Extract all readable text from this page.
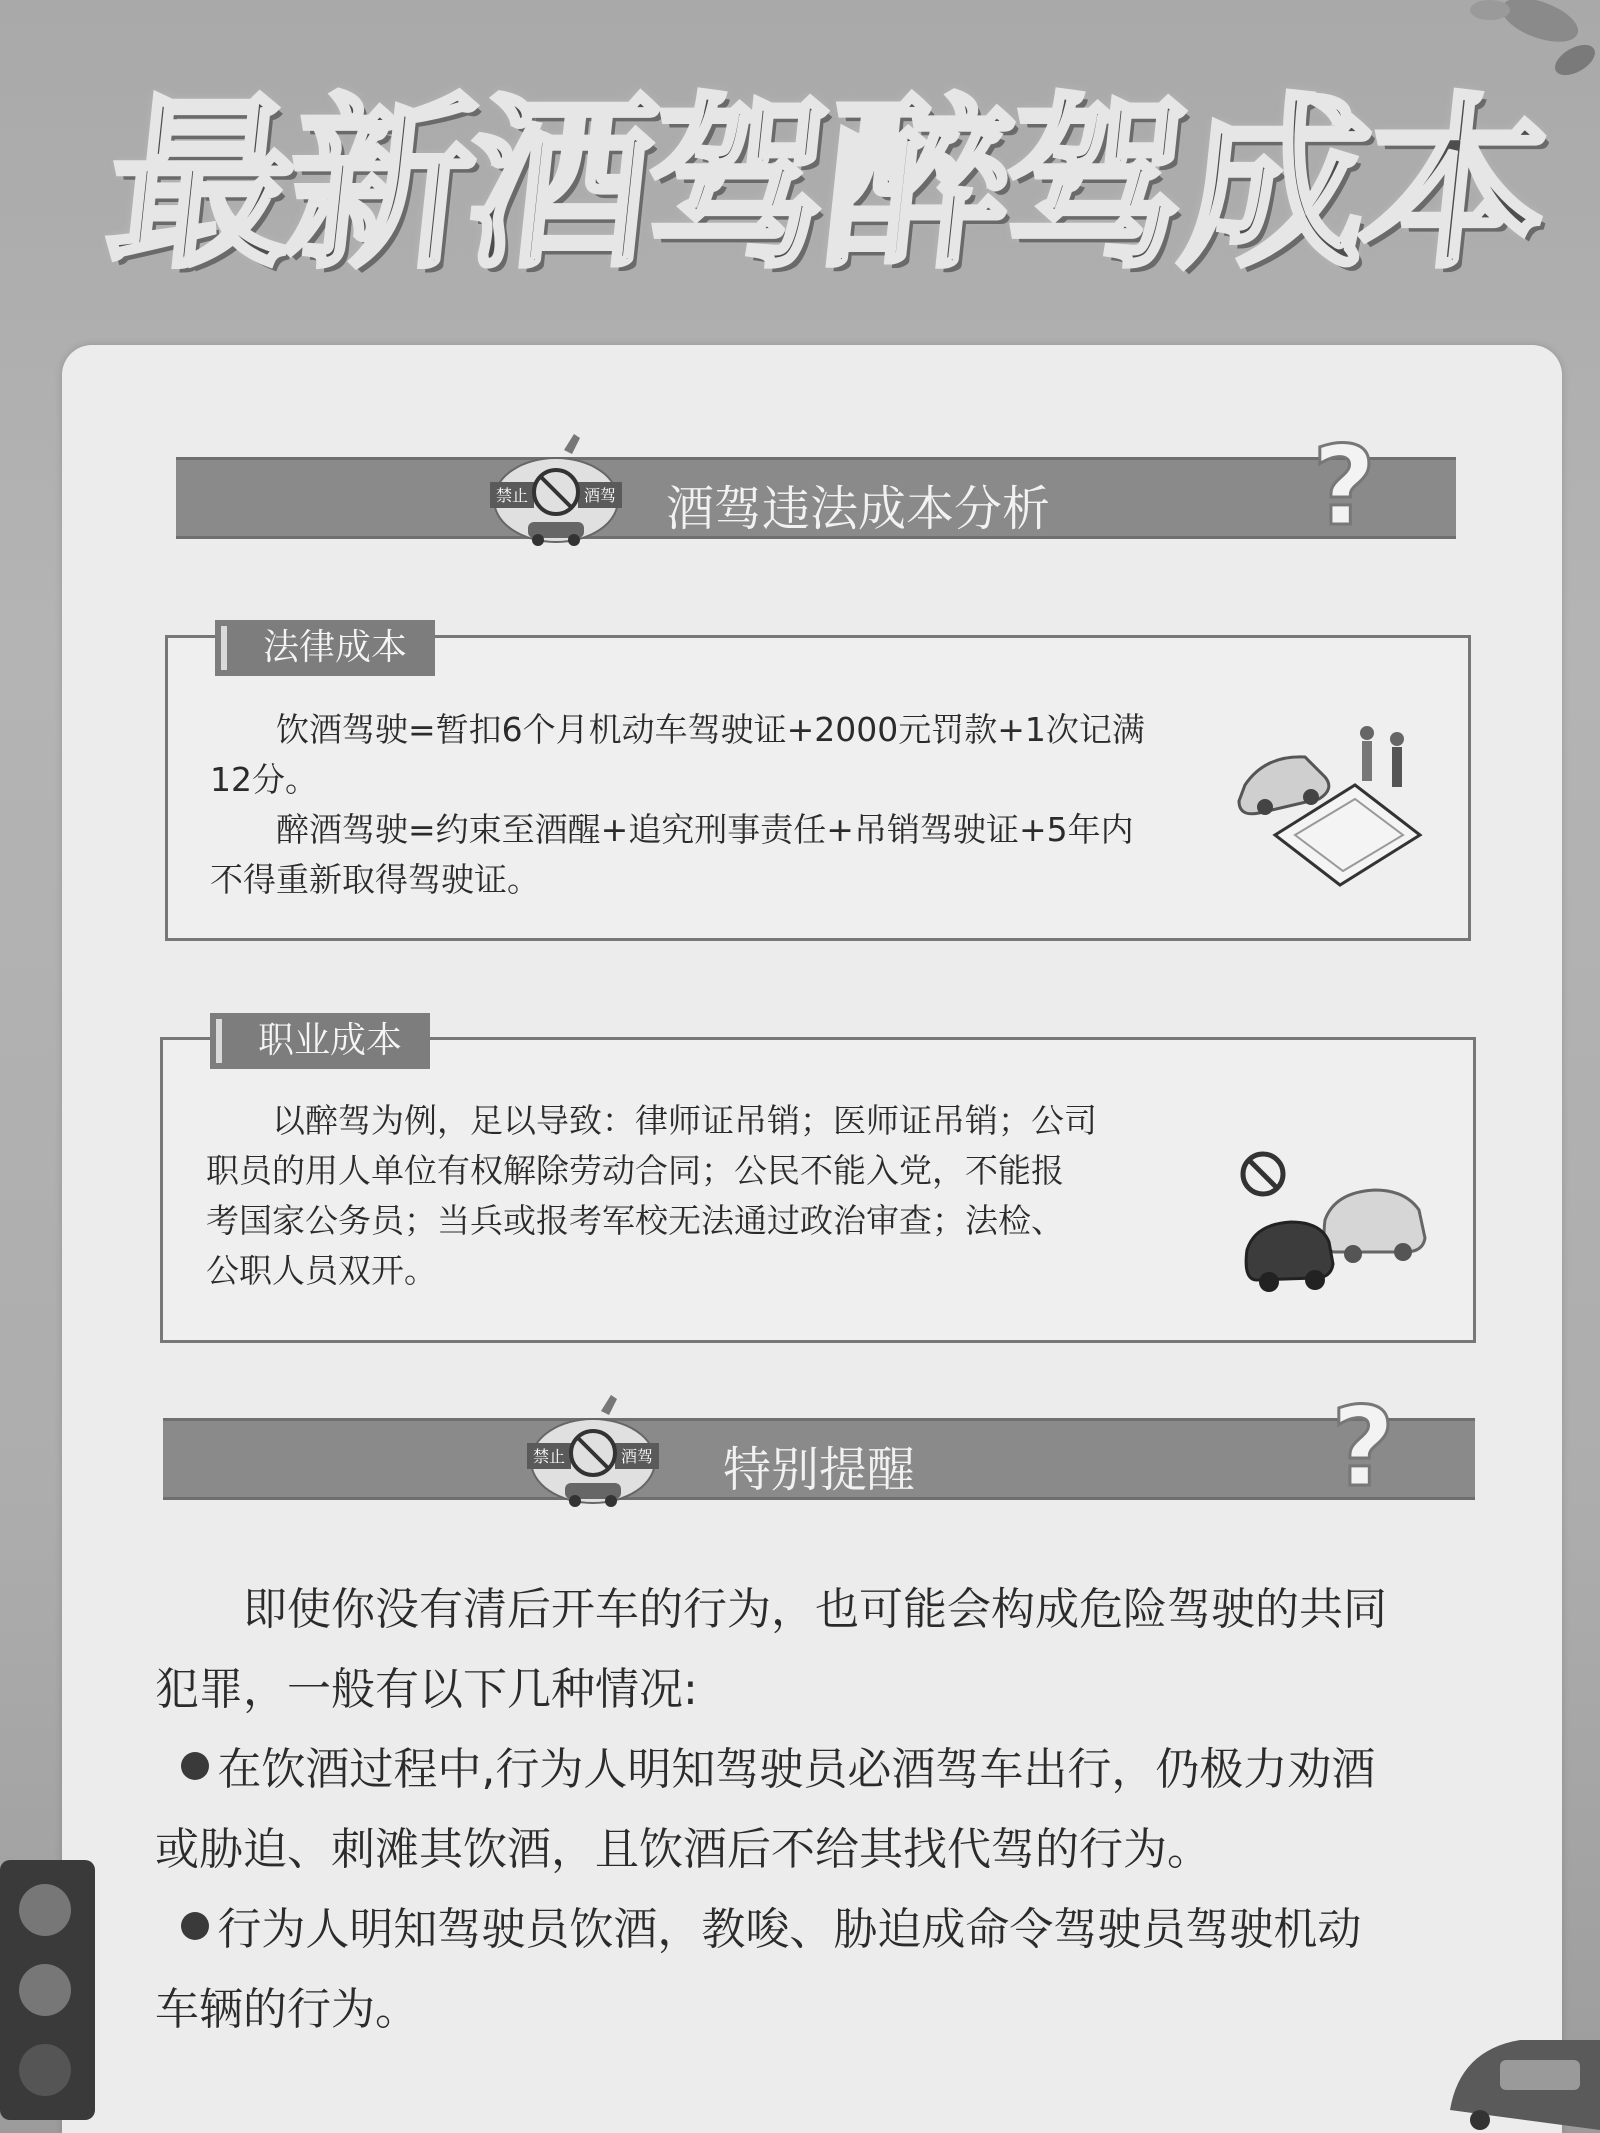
最新酒驾醉驾成本
禁止	酒驾 酒驾违法成本分析 ?
法律成本

饮酒驾驶=暂扣6个月机动车驾驶证+2000元罚款+1次记满

12分。

醉酒驾驶=约束至酒醒+追究刑事责任+吊销驾驶证+5年内

不得重新取得驾驶证。

职业成本

以醉驾为例，足以导致：律师证吊销；医师证吊销；公司

职员的用人单位有权解除劳动合同；公民不能入党，不能报

考国家公务员；当兵或报考军校无法通过政治审查；法检、

公职人员双开。

禁止	酒驾 特别提醒	?

即使你没有清后开车的行为，也可能会构成危险驾驶的共同

犯罪，一般有以下几种情况:

在饮酒过程中,行为人明知驾驶员必酒驾车出行，仍极力劝酒

或胁迫、刺滩其饮酒，且饮酒后不给其找代驾的行为。

行为人明知驾驶员饮酒，教唆、胁迫成命令驾驶员驾驶机动

车辆的行为。
